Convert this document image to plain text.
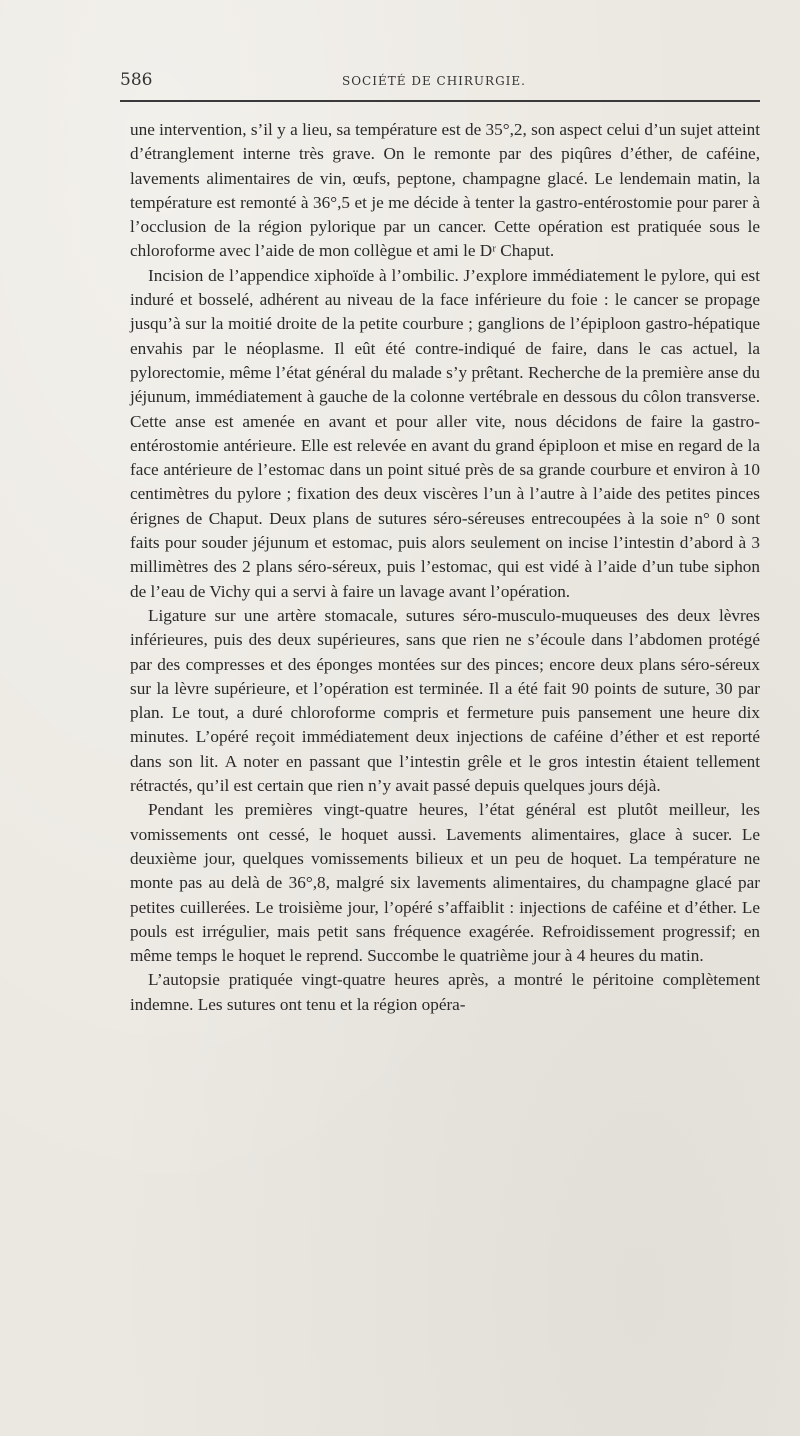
586	SOCIÉTÉ DE CHIRURGIE.

une intervention, s’il y a lieu, sa température est de 35°,2, son aspect celui d’un sujet atteint d’étranglement interne très grave. On le remonte par des piqûres d’éther, de caféine, lavements alimentaires de vin, œufs, peptone, champagne glacé. Le lendemain matin, la température est remonté à 36°,5 et je me décide à tenter la gastro-entérostomie pour parer à l’occlusion de la région pylorique par un cancer. Cette opération est pratiquée sous le chloroforme avec l’aide de mon collègue et ami le Dʳ Chaput.

Incision de l’appendice xiphoïde à l’ombilic. J’explore immédiatement le pylore, qui est induré et bosselé, adhérent au niveau de la face inférieure du foie : le cancer se propage jusqu’à sur la moitié droite de la petite courbure ; ganglions de l’épiploon gastro-hépatique envahis par le néoplasme. Il eût été contre-indiqué de faire, dans le cas actuel, la pylorectomie, même l’état général du malade s’y prêtant. Recherche de la première anse du jéjunum, immédiatement à gauche de la colonne vertébrale en dessous du côlon transverse. Cette anse est amenée en avant et pour aller vite, nous décidons de faire la gastro-entérostomie antérieure. Elle est relevée en avant du grand épiploon et mise en regard de la face antérieure de l’estomac dans un point situé près de sa grande courbure et environ à 10 centimètres du pylore ; fixation des deux viscères l’un à l’autre à l’aide des petites pinces érignes de Chaput. Deux plans de sutures séro-séreuses entrecoupées à la soie n° 0 sont faits pour souder jéjunum et estomac, puis alors seulement on incise l’intestin d’abord à 3 millimètres des 2 plans séro-séreux, puis l’estomac, qui est vidé à l’aide d’un tube siphon de l’eau de Vichy qui a servi à faire un lavage avant l’opération.

Ligature sur une artère stomacale, sutures séro-musculo-muqueuses des deux lèvres inférieures, puis des deux supérieures, sans que rien ne s’écoule dans l’abdomen protégé par des compresses et des éponges montées sur des pinces; encore deux plans séro-séreux sur la lèvre supérieure, et l’opération est terminée. Il a été fait 90 points de suture, 30 par plan. Le tout, a duré chloroforme compris et fermeture puis pansement une heure dix minutes. L’opéré reçoit immédiatement deux injections de caféine d’éther et est reporté dans son lit. A noter en passant que l’intestin grêle et le gros intestin étaient tellement rétractés, qu’il est certain que rien n’y avait passé depuis quelques jours déjà.

Pendant les premières vingt-quatre heures, l’état général est plutôt meilleur, les vomissements ont cessé, le hoquet aussi. Lavements alimentaires, glace à sucer. Le deuxième jour, quelques vomissements bilieux et un peu de hoquet. La température ne monte pas au delà de 36°,8, malgré six lavements alimentaires, du champagne glacé par petites cuillerées. Le troisième jour, l’opéré s’affaiblit : injections de caféine et d’éther. Le pouls est irrégulier, mais petit sans fréquence exagérée. Refroidissement progressif; en même temps le hoquet le reprend. Succombe le quatrième jour à 4 heures du matin.

L’autopsie pratiquée vingt-quatre heures après, a montré le péritoine complètement indemne. Les sutures ont tenu et la région opéra-
